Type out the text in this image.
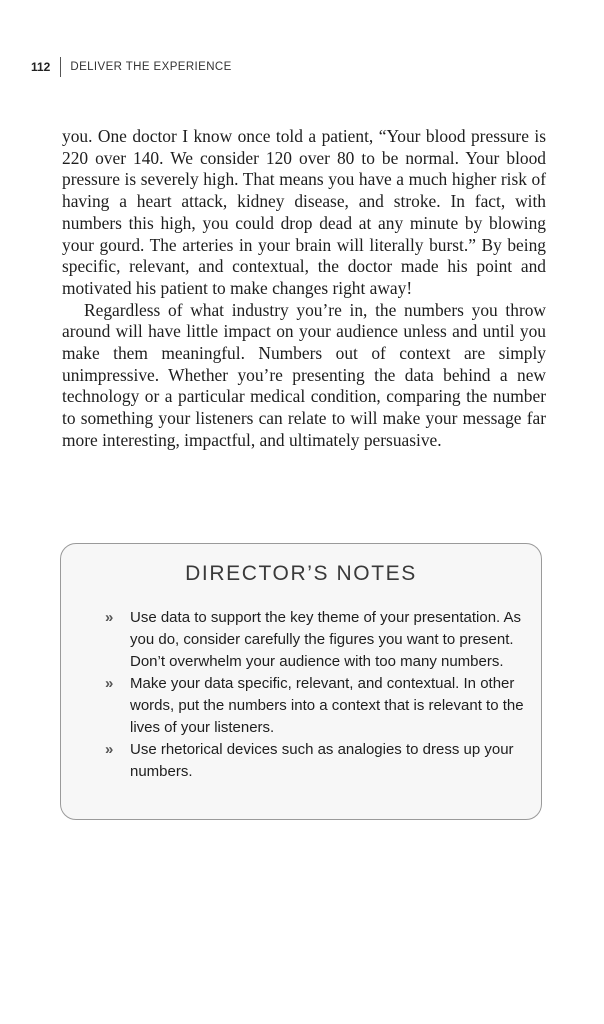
112 DELIVER THE EXPERIENCE

you. One doctor I know once told a patient, “Your blood pressure is 220 over 140. We consider 120 over 80 to be normal. Your blood pressure is severely high. That means you have a much higher risk of having a heart attack, kidney disease, and stroke. In fact, with numbers this high, you could drop dead at any minute by blowing your gourd. The arteries in your brain will literally burst.” By being specific, relevant, and contextual, the doctor made his point and motivated his patient to make changes right away!

Regardless of what industry you’re in, the numbers you throw around will have little impact on your audience unless and until you make them meaningful. Numbers out of context are simply unimpressive. Whether you’re presenting the data behind a new technology or a particular medical condition, comparing the number to something your listeners can relate to will make your message far more interesting, impactful, and ultimately persuasive.

DIRECTOR’S NOTES
»	Use data to support the key theme of your presentation. As you do, consider carefully the figures you want to present. Don’t overwhelm your audience with too many numbers.
»	Make your data specific, relevant, and contextual. In other words, put the numbers into a context that is relevant to the lives of your listeners.
»	Use rhetorical devices such as analogies to dress up your numbers.
